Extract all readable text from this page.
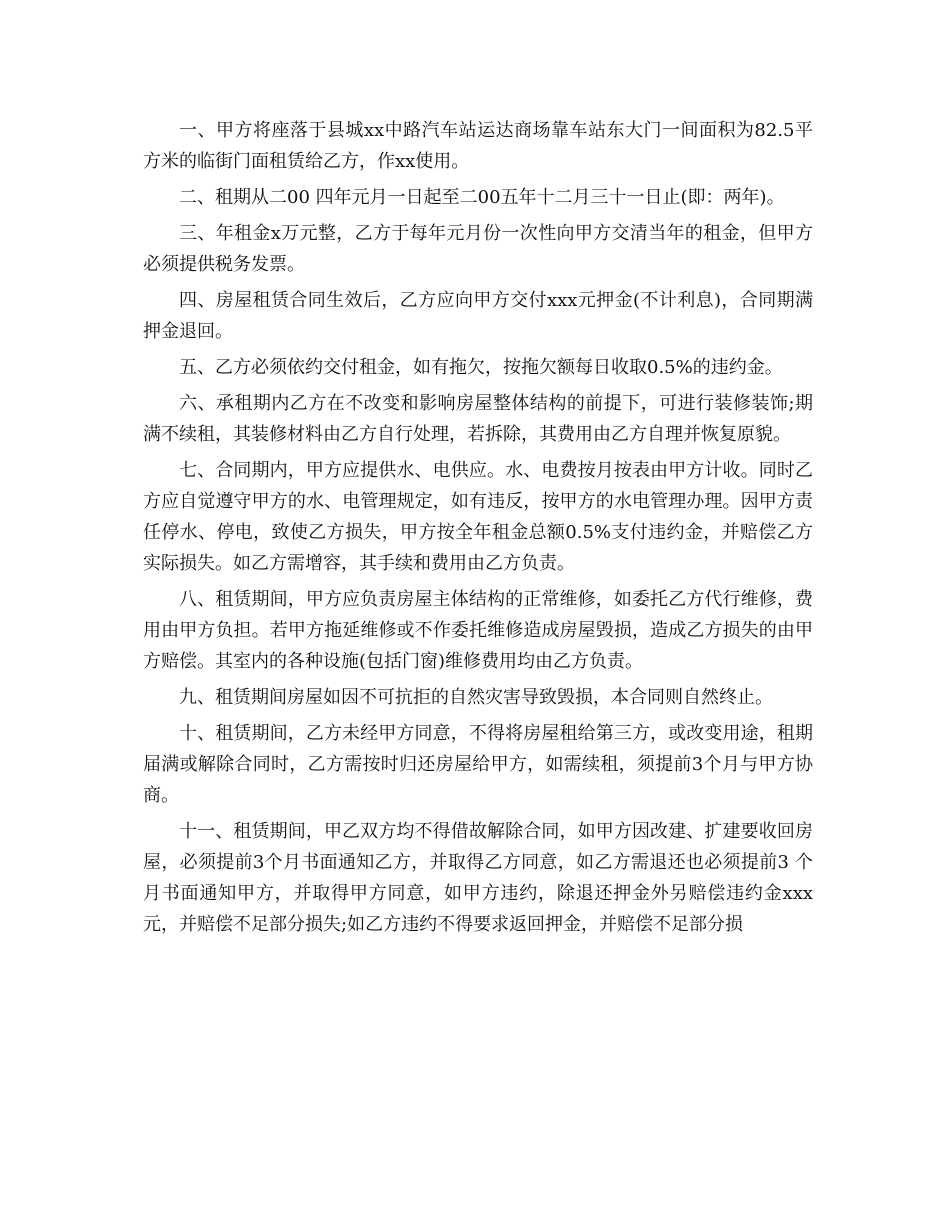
一、甲方将座落于县城xx中路汽车站运达商场靠车站东大门一间面积为82.5平方米的临街门面租赁给乙方，作xx使用。

二、租期从二00 四年元月一日起至二00五年十二月三十一日止(即：两年)。

三、年租金x万元整，乙方于每年元月份一次性向甲方交清当年的租金，但甲方必须提供税务发票。

四、房屋租赁合同生效后，乙方应向甲方交付xxx元押金(不计利息)，合同期满押金退回。

五、乙方必须依约交付租金，如有拖欠，按拖欠额每日收取0.5%的违约金。

六、承租期内乙方在不改变和影响房屋整体结构的前提下，可进行装修装饰;期满不续租，其装修材料由乙方自行处理，若拆除，其费用由乙方自理并恢复原貌。

七、合同期内，甲方应提供水、电供应。水、电费按月按表由甲方计收。同时乙方应自觉遵守甲方的水、电管理规定，如有违反，按甲方的水电管理办理。因甲方责任停水、停电，致使乙方损失，甲方按全年租金总额0.5%支付违约金，并赔偿乙方实际损失。如乙方需增容，其手续和费用由乙方负责。

八、租赁期间，甲方应负责房屋主体结构的正常维修，如委托乙方代行维修，费用由甲方负担。若甲方拖延维修或不作委托维修造成房屋毁损，造成乙方损失的由甲方赔偿。其室内的各种设施(包括门窗)维修费用均由乙方负责。

九、租赁期间房屋如因不可抗拒的自然灾害导致毁损，本合同则自然终止。

十、租赁期间，乙方未经甲方同意，不得将房屋租给第三方，或改变用途，租期届满或解除合同时，乙方需按时归还房屋给甲方，如需续租，须提前3个月与甲方协商。

十一、租赁期间，甲乙双方均不得借故解除合同，如甲方因改建、扩建要收回房屋，必须提前3个月书面通知乙方，并取得乙方同意，如乙方需退还也必须提前3 个月书面通知甲方，并取得甲方同意，如甲方违约，除退还押金外另赔偿违约金xxx元，并赔偿不足部分损失;如乙方违约不得要求返回押金，并赔偿不足部分损
